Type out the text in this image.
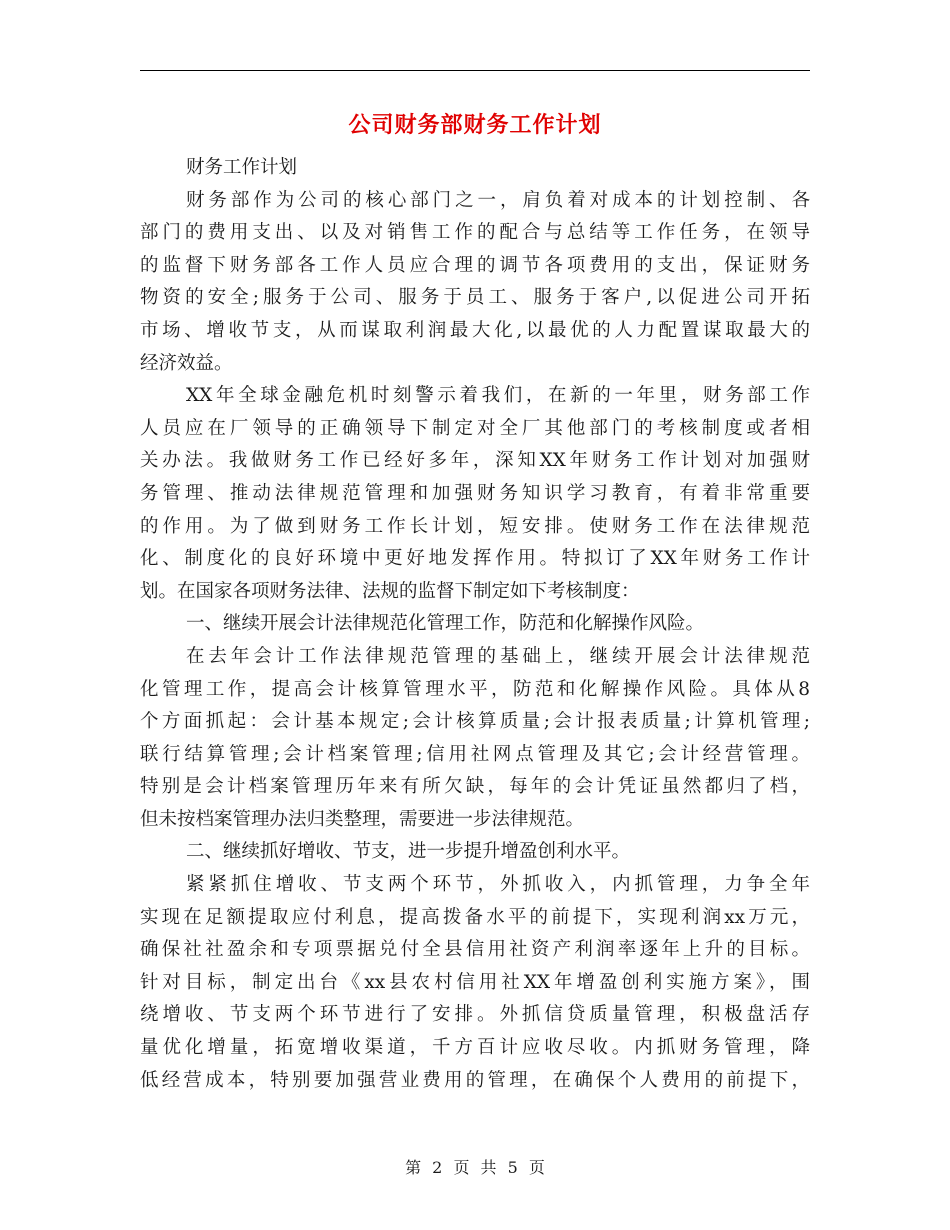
公司财务部财务工作计划
财务工作计划
财务部作为公司的核心部门之一，肩负着对成本的计划控制、各
部门的费用支出、以及对销售工作的配合与总结等工作任务，在领导
的监督下财务部各工作人员应合理的调节各项费用的支出，保证财务
物资的安全;服务于公司、服务于员工、服务于客户,以促进公司开拓
市场、增收节支，从而谋取利润最大化,以最优的人力配置谋取最大的
经济效益。
XX年全球金融危机时刻警示着我们，在新的一年里，财务部工作
人员应在厂领导的正确领导下制定对全厂其他部门的考核制度或者相
关办法。我做财务工作已经好多年，深知XX年财务工作计划对加强财
务管理、推动法律规范管理和加强财务知识学习教育，有着非常重要
的作用。为了做到财务工作长计划，短安排。使财务工作在法律规范
化、制度化的良好环境中更好地发挥作用。特拟订了XX年财务工作计
划。在国家各项财务法律、法规的监督下制定如下考核制度：
一、继续开展会计法律规范化管理工作，防范和化解操作风险。
在去年会计工作法律规范管理的基础上，继续开展会计法律规范
化管理工作，提高会计核算管理水平，防范和化解操作风险。具体从8
个方面抓起：会计基本规定;会计核算质量;会计报表质量;计算机管理;
联行结算管理;会计档案管理;信用社网点管理及其它;会计经营管理。
特别是会计档案管理历年来有所欠缺，每年的会计凭证虽然都归了档，
但未按档案管理办法归类整理，需要进一步法律规范。
二、继续抓好增收、节支，进一步提升增盈创利水平。
紧紧抓住增收、节支两个环节，外抓收入，内抓管理，力争全年
实现在足额提取应付利息，提高拨备水平的前提下，实现利润xx万元，
确保社社盈余和专项票据兑付全县信用社资产利润率逐年上升的目标。
针对目标，制定出台《xx县农村信用社XX年增盈创利实施方案》，围
绕增收、节支两个环节进行了安排。外抓信贷质量管理，积极盘活存
量优化增量，拓宽增收渠道，千方百计应收尽收。内抓财务管理，降
低经营成本，特别要加强营业费用的管理，在确保个人费用的前提下，
第 2 页 共 5 页
